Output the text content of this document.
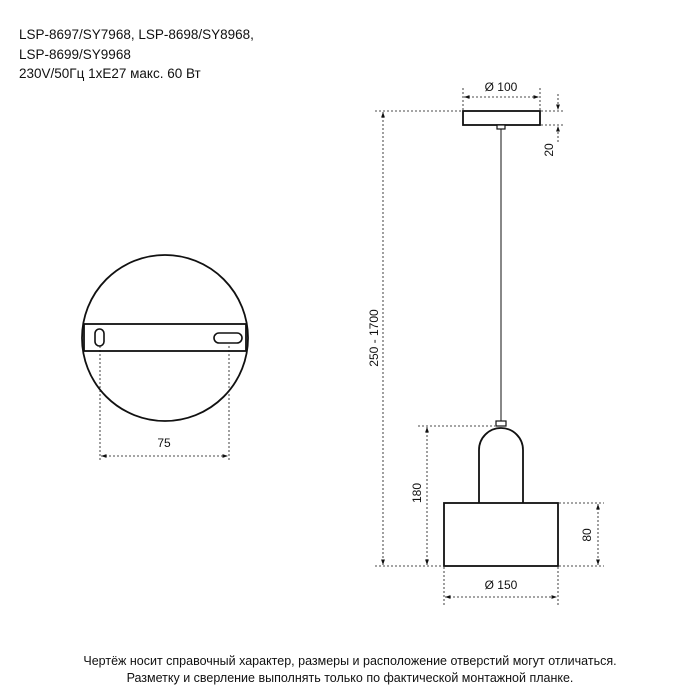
LSP-8697/SY7968, LSP-8698/SY8968,
LSP-8699/SY9968
230V/50Гц 1xE27 макс. 60 Вт
75
Ø 100
20
250 - 1700
180
80
Ø 150
Чертёж носит справочный характер, размеры и расположение отверстий могут отличаться.
Разметку и сверление выполнять только по фактической монтажной планке.
